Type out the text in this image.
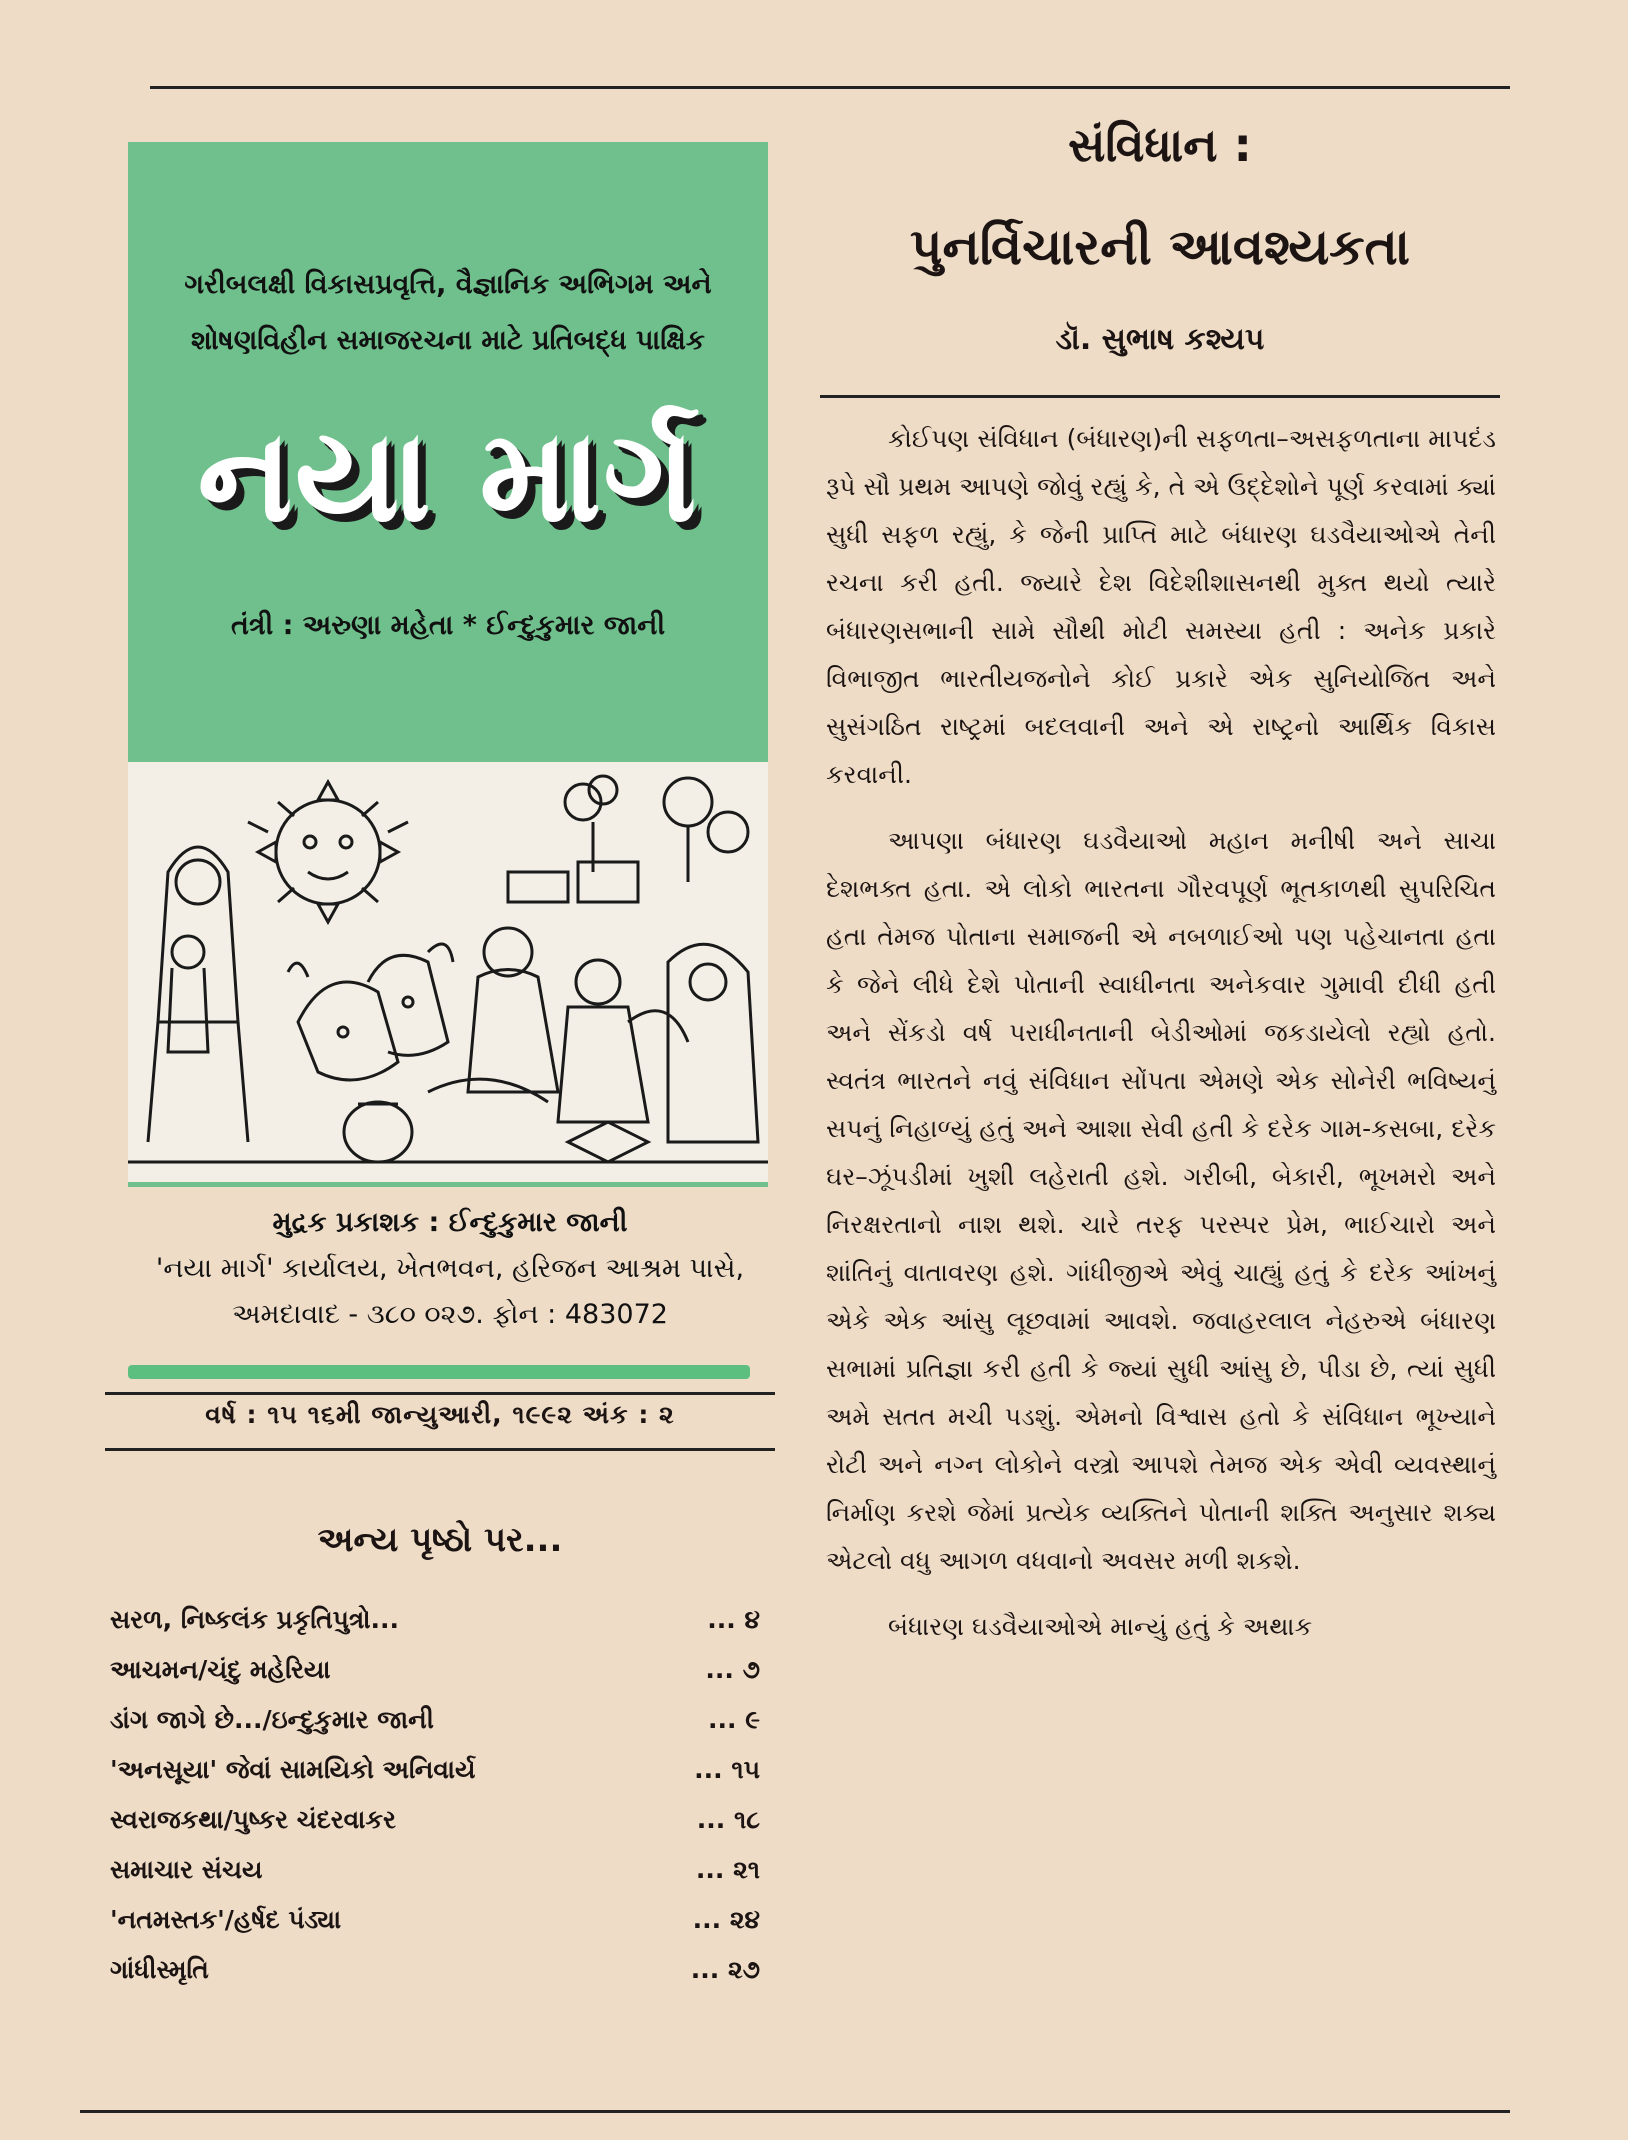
ગરીબલક્ષી વિકાસપ્રવૃત્તિ, વૈજ્ઞાનિક અભિગમ અને
શોષણવિહીન સમાજરચના માટે પ્રતિબદ્ધ પાક્ષિક
નયા માર્ગ
તંત્રી : અરુણા મહેતા * ઈન્દુકુમાર જાની
મુદ્રક પ્રકાશક : ઈન્દુકુમાર જાની
'નયા માર્ગ' કાર્યાલય, ખેતભવન, હરિજન આશ્રમ પાસે,
અમદાવાદ - ૩૮૦ ૦૨૭. ફોન : 483072
વર્ષ : ૧૫ ૧૬મી જાન્યુઆરી, ૧૯૯૨ અંક : ૨
અન્ય પૃષ્ઠો પર...
સરળ, નિષ્કલંક પ્રકૃતિપુત્રો...	... ૪
આચમન/ચંદુ મહેરિયા	... ૭
ડાંગ જાગે છે.../ઇન્દુકુમાર જાની	... ૯
'અનસૂયા' જેવાં સામયિકો અનિવાર્ય	... ૧૫
સ્વરાજકથા/પુષ્કર ચંદરવાકર	... ૧૮
સમાચાર સંચય	... ૨૧
'નતમસ્તક'/હર્ષદ પંડ્યા	... ૨૪
ગાંધીસ્મૃતિ	... ૨૭
સંવિધાન :
પુનર્વિચારની આવશ્યકતા
ડૉ. સુભાષ કશ્યપ

કોઈપણ સંવિધાન (બંધારણ)ની સફળતા–અસફળતાના માપદંડ રૂપે સૌ પ્રથમ આપણે જોવું રહ્યું કે, તે એ ઉદ્દેશોને પૂર્ણ કરવામાં ક્યાં સુધી સફળ રહ્યું, કે જેની પ્રાપ્તિ માટે બંધારણ ઘડવૈયાઓએ તેની રચના કરી હતી. જ્યારે દેશ વિદેશીશાસનથી મુક્ત થયો ત્યારે બંધારણસભાની સામે સૌથી મોટી સમસ્યા હતી : અનેક પ્રકારે વિભાજીત ભારતીયજનોને કોઈ પ્રકારે એક સુનિયોજિત અને સુસંગઠિત રાષ્ટ્રમાં બદલવાની અને એ રાષ્ટ્રનો આર્થિક વિકાસ કરવાની.

આપણા બંધારણ ઘડવૈયાઓ મહાન મનીષી અને સાચા દેશભક્ત હતા. એ લોકો ભારતના ગૌરવપૂર્ણ ભૂતકાળથી સુપરિચિત હતા તેમજ પોતાના સમાજની એ નબળાઈઓ પણ પહેચાનતા હતા કે જેને લીધે દેશે પોતાની સ્વાધીનતા અનેકવાર ગુમાવી દીધી હતી અને સેંકડો વર્ષ પરાધીનતાની બેડીઓમાં જકડાયેલો રહ્યો હતો. સ્વતંત્ર ભારતને નવું સંવિધાન સોંપતા એમણે એક સોનેરી ભવિષ્યનું સપનું નિહાળ્યું હતું અને આશા સેવી હતી કે દરેક ગામ-કસબા, દરેક ઘર–ઝૂંપડીમાં ખુશી લહેરાતી હશે. ગરીબી, બેકારી, ભૂખમરો અને નિરક્ષરતાનો નાશ થશે. ચારે તરફ પરસ્પર પ્રેમ, ભાઈચારો અને શાંતિનું વાતાવરણ હશે. ગાંધીજીએ એવું ચાહ્યું હતું કે દરેક આંખનું એકે એક આંસુ લૂછવામાં આવશે. જવાહરલાલ નેહરુએ બંધારણ સભામાં પ્રતિજ્ઞા કરી હતી કે જ્યાં સુધી આંસુ છે, પીડા છે, ત્યાં સુધી અમે સતત મચી પડશું. એમનો વિશ્વાસ હતો કે સંવિધાન ભૂખ્યાને રોટી અને નગ્ન લોકોને વસ્ત્રો આપશે તેમજ એક એવી વ્યવસ્થાનું નિર્માણ કરશે જેમાં પ્રત્યેક વ્યક્તિને પોતાની શક્તિ અનુસાર શક્ય એટલો વધુ આગળ વધવાનો અવસર મળી શકશે.

બંધારણ ઘડવૈયાઓએ માન્યું હતું કે અથાક
